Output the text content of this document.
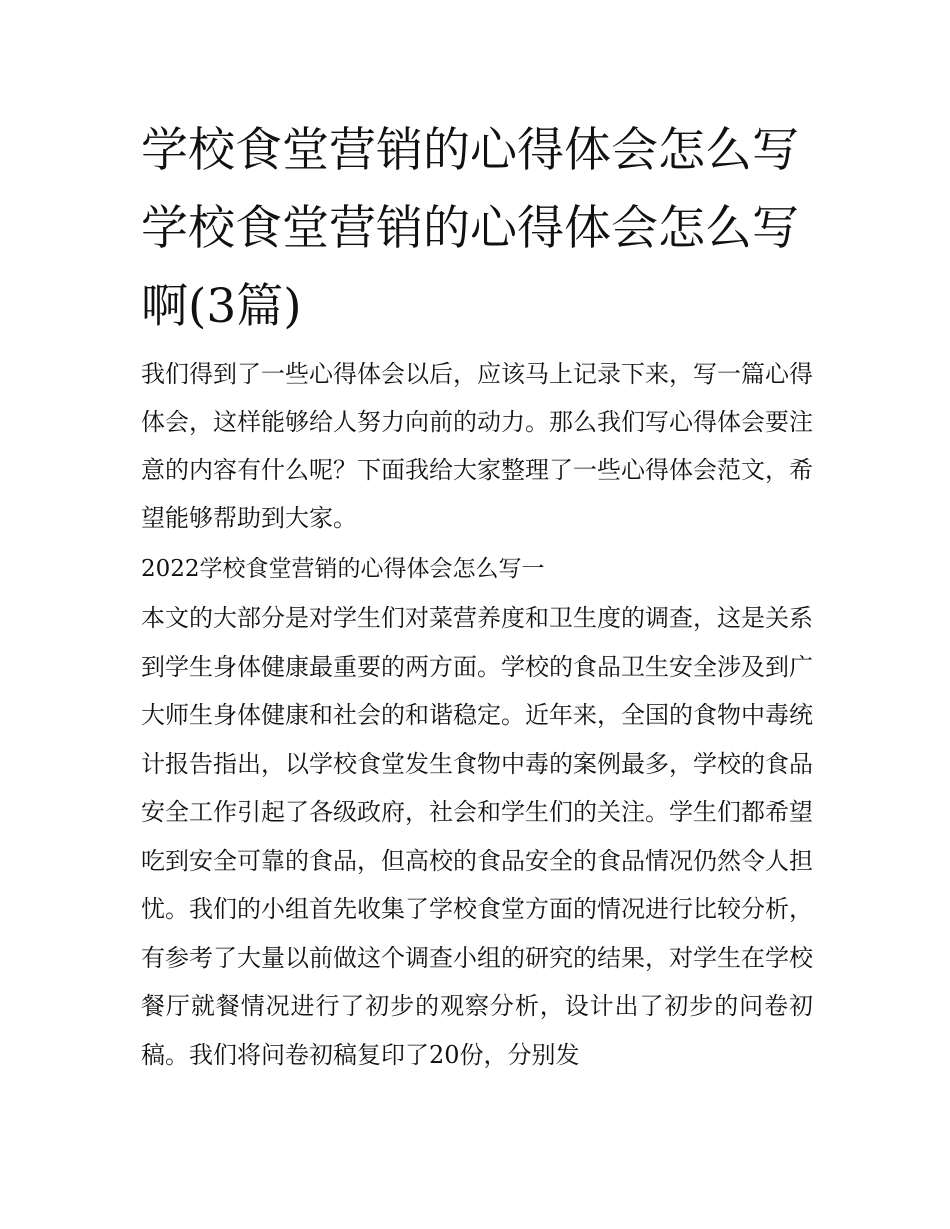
学校食堂营销的心得体会怎么写 学校食堂营销的心得体会怎么写啊(3篇)

我们得到了一些心得体会以后，应该马上记录下来，写一篇心得体会，这样能够给人努力向前的动力。那么我们写心得体会要注意的内容有什么呢？下面我给大家整理了一些心得体会范文，希望能够帮助到大家。

2022学校食堂营销的心得体会怎么写一

本文的大部分是对学生们对菜营养度和卫生度的调查，这是关系到学生身体健康最重要的两方面。学校的食品卫生安全涉及到广大师生身体健康和社会的和谐稳定。近年来，全国的食物中毒统计报告指出，以学校食堂发生食物中毒的案例最多，学校的食品安全工作引起了各级政府，社会和学生们的关注。学生们都希望吃到安全可靠的食品，但高校的食品安全的食品情况仍然令人担忧。我们的小组首先收集了学校食堂方面的情况进行比较分析，有参考了大量以前做这个调查小组的研究的结果，对学生在学校餐厅就餐情况进行了初步的观察分析，设计出了初步的问卷初稿。我们将问卷初稿复印了20份，分别发
